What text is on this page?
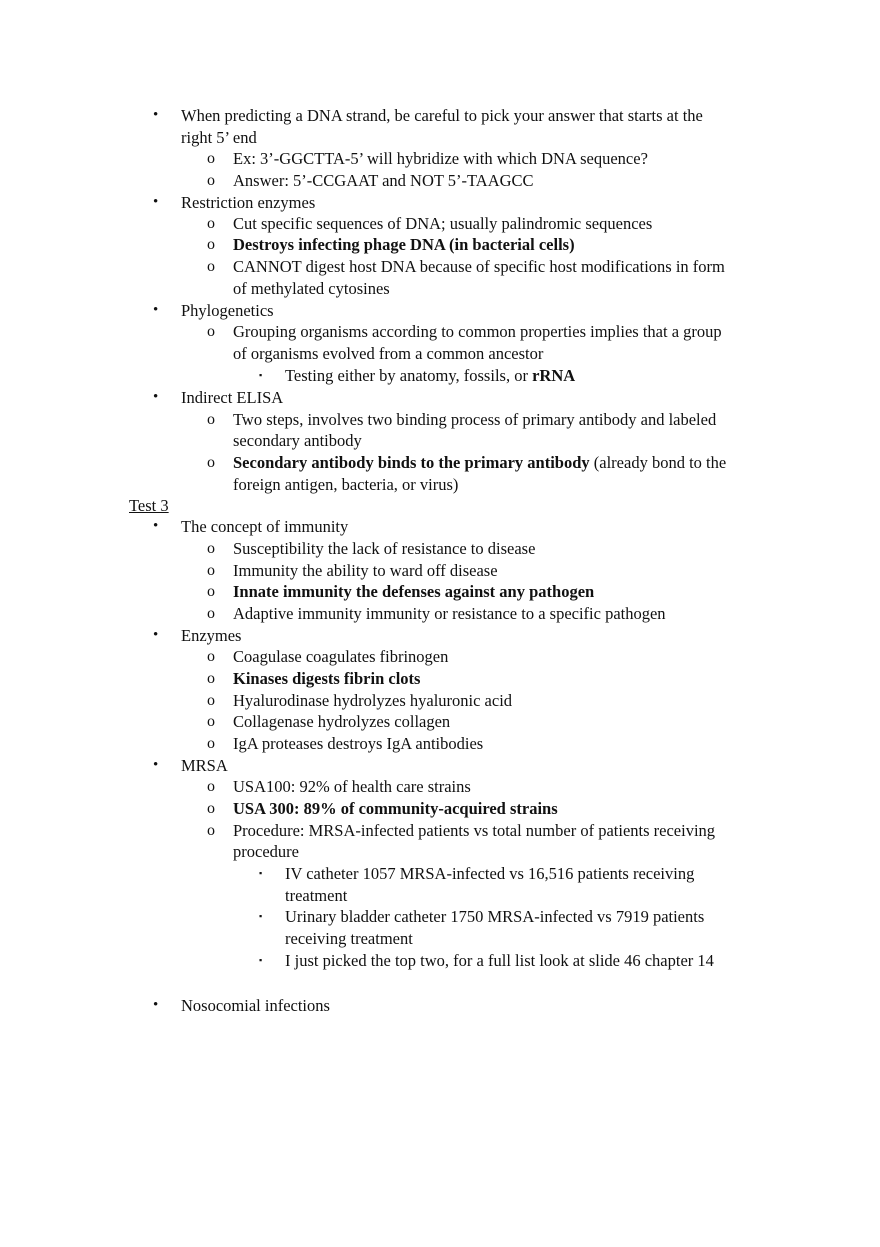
• When predicting a DNA strand, be careful to pick your answer that starts at the
right 5’ end
o Ex: 3’-GGCTTA-5’ will hybridize with which DNA sequence?
o Answer: 5’-CCGAAT and NOT 5’-TAAGCC
• Restriction enzymes
o Cut specific sequences of DNA; usually palindromic sequences
o Destroys infecting phage DNA (in bacterial cells)
o CANNOT digest host DNA because of specific host modifications in form
of methylated cytosines
• Phylogenetics
o Grouping organisms according to common properties implies that a group
of organisms evolved from a common ancestor
▪ Testing either by anatomy, fossils, or rRNA
• Indirect ELISA
o Two steps, involves two binding process of primary antibody and labeled
secondary antibody
o Secondary antibody binds to the primary antibody (already bond to the
foreign antigen, bacteria, or virus)
Test 3
• The concept of immunity
o Susceptibility the lack of resistance to disease
o Immunity the ability to ward off disease
o Innate immunity the defenses against any pathogen
o Adaptive immunity immunity or resistance to a specific pathogen
• Enzymes
o Coagulase coagulates fibrinogen
o Kinases digests fibrin clots
o Hyalurodinase hydrolyzes hyaluronic acid
o Collagenase hydrolyzes collagen
o IgA proteases destroys IgA antibodies
• MRSA
o USA100: 92% of health care strains
o USA 300: 89% of community-acquired strains
o Procedure: MRSA-infected patients vs total number of patients receiving
procedure
▪ IV catheter 1057 MRSA-infected vs 16,516 patients receiving
treatment
▪ Urinary bladder catheter 1750 MRSA-infected vs 7919 patients
receiving treatment
▪ I just picked the top two, for a full list look at slide 46 chapter 14
• Nosocomial infections
